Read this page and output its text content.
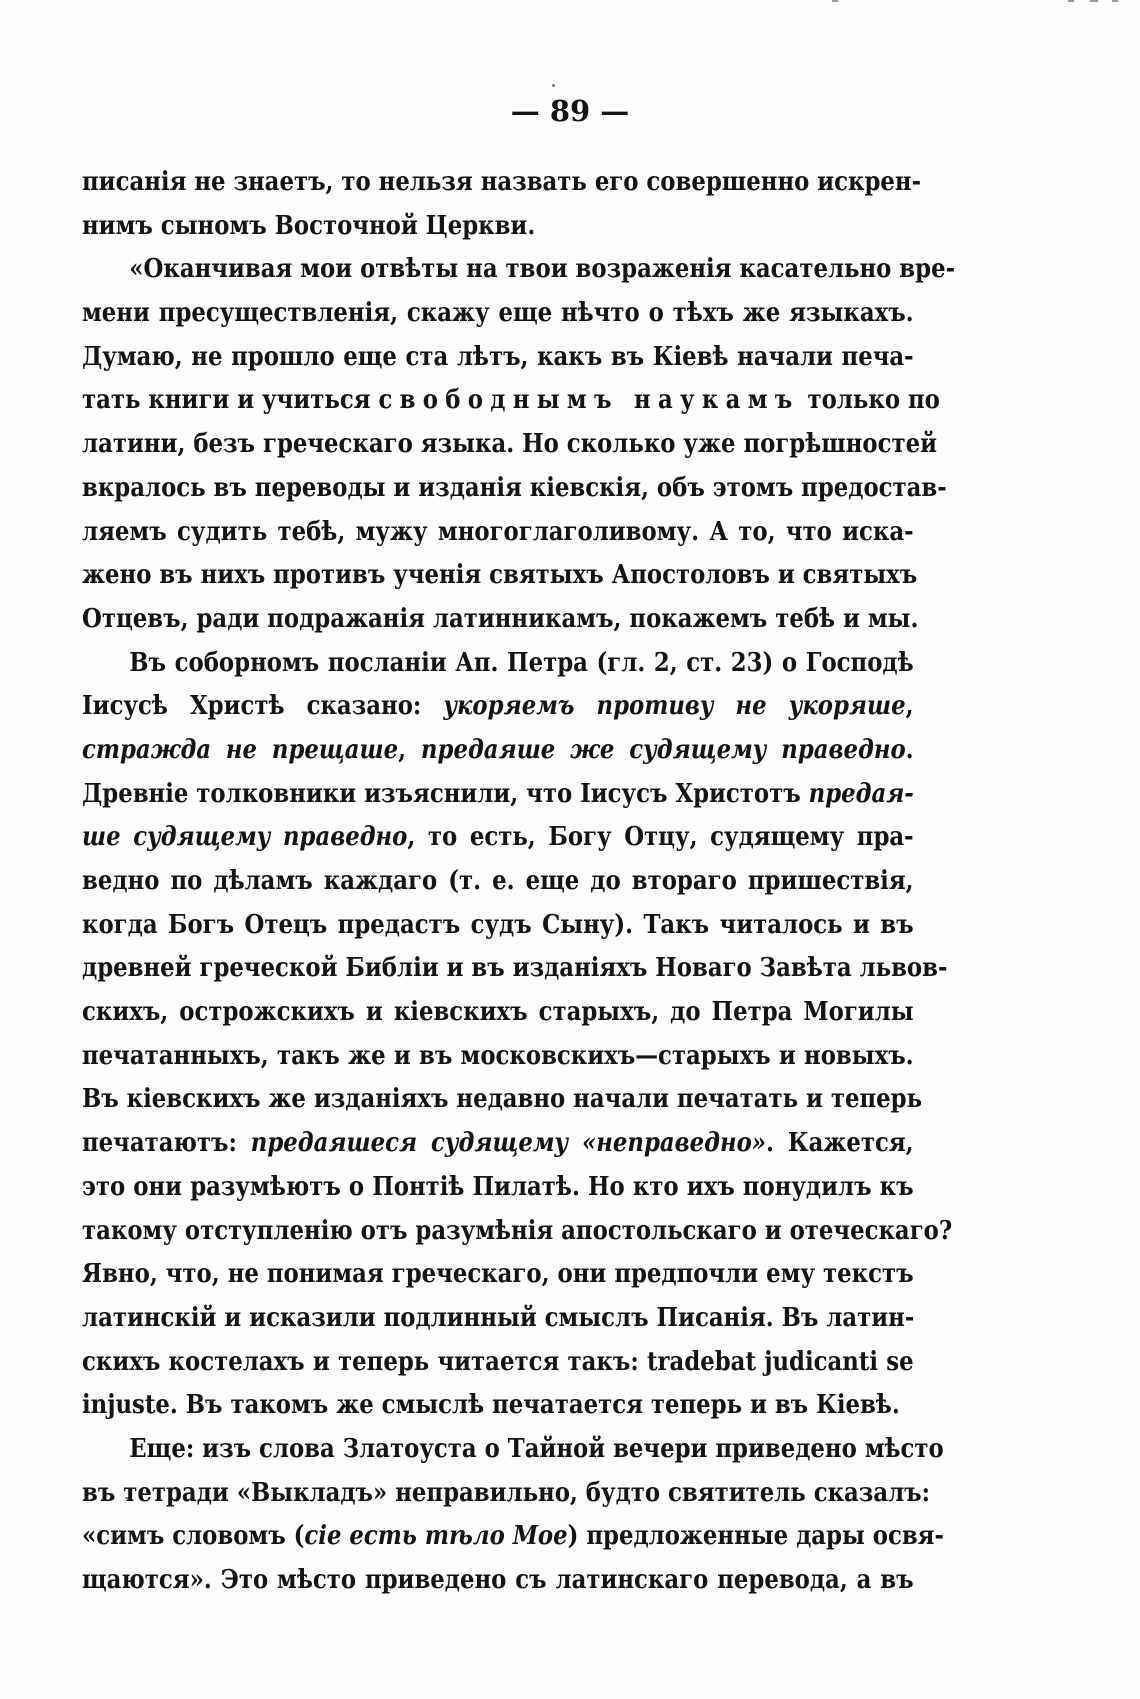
— 89 —
писанія не знаетъ, то нельзя назвать его совершенно искрен-
нимъ сыномъ Восточной Церкви.
«Оканчивая мои отвѣты на твои возраженія касательно вре-
мени пресуществленія, скажу еще нѣчто о тѣхъ же языкахъ.
Думаю, не прошло еще ста лѣтъ, какъ въ Кіевѣ начали печа-
тать книги и учиться свободнымъ наукамъ только по
латини, безъ греческаго языка. Но сколько уже погрѣшностей
вкралось въ переводы и изданія кіевскія, объ этомъ предостав-
ляемъ судить тебѣ, мужу многоглаголивому. А то, что иска-
жено въ нихъ противъ ученія святыхъ Апостоловъ и святыхъ
Отцевъ, ради подражанія латинникамъ, покажемъ тебѣ и мы.
Въ соборномъ посланіи Ап. Петра (гл. 2, ст. 23) о Господѣ
Іисусѣ Христѣ сказано: укоряемъ противу не укоряше,
стражда не прещаше, предаяше же судящему праведно.
Древніе толковники изъяснили, что Іисусъ Христотъ предая-
ше судящему праведно, то есть, Богу Отцу, судящему пра-
ведно по дѣламъ каждаго (т. е. еще до втораго пришествія,
когда Богъ Отецъ предастъ судъ Сыну). Такъ читалось и въ
древней греческой Библіи и въ изданіяхъ Новаго Завѣта львов-
скихъ, острожскихъ и кіевскихъ старыхъ, до Петра Могилы
печатанныхъ, такъ же и въ московскихъ—старыхъ и новыхъ.
Въ кіевскихъ же изданіяхъ недавно начали печатать и теперь
печатаютъ: предаяшеся судящему «неправедно». Кажется,
это они разумѣютъ о Понтіѣ Пилатѣ. Но кто ихъ понудилъ къ
такому отступленію отъ разумѣнія апостольскаго и отеческаго?
Явно, что, не понимая греческаго, они предпочли ему текстъ
латинскій и исказили подлинный смыслъ Писанія. Въ латин-
скихъ костелахъ и теперь читается такъ: tradebat judicanti se
injuste. Въ такомъ же смыслѣ печатается теперь и въ Кіевѣ.
Еще: изъ слова Златоуста о Тайной вечери приведено мѣсто
въ тетради «Выкладъ» неправильно, будто святитель сказалъ:
«симъ словомъ (сіе есть тѣло Мое) предложенные дары освя-
щаются». Это мѣсто приведено съ латинскаго перевода, а въ
